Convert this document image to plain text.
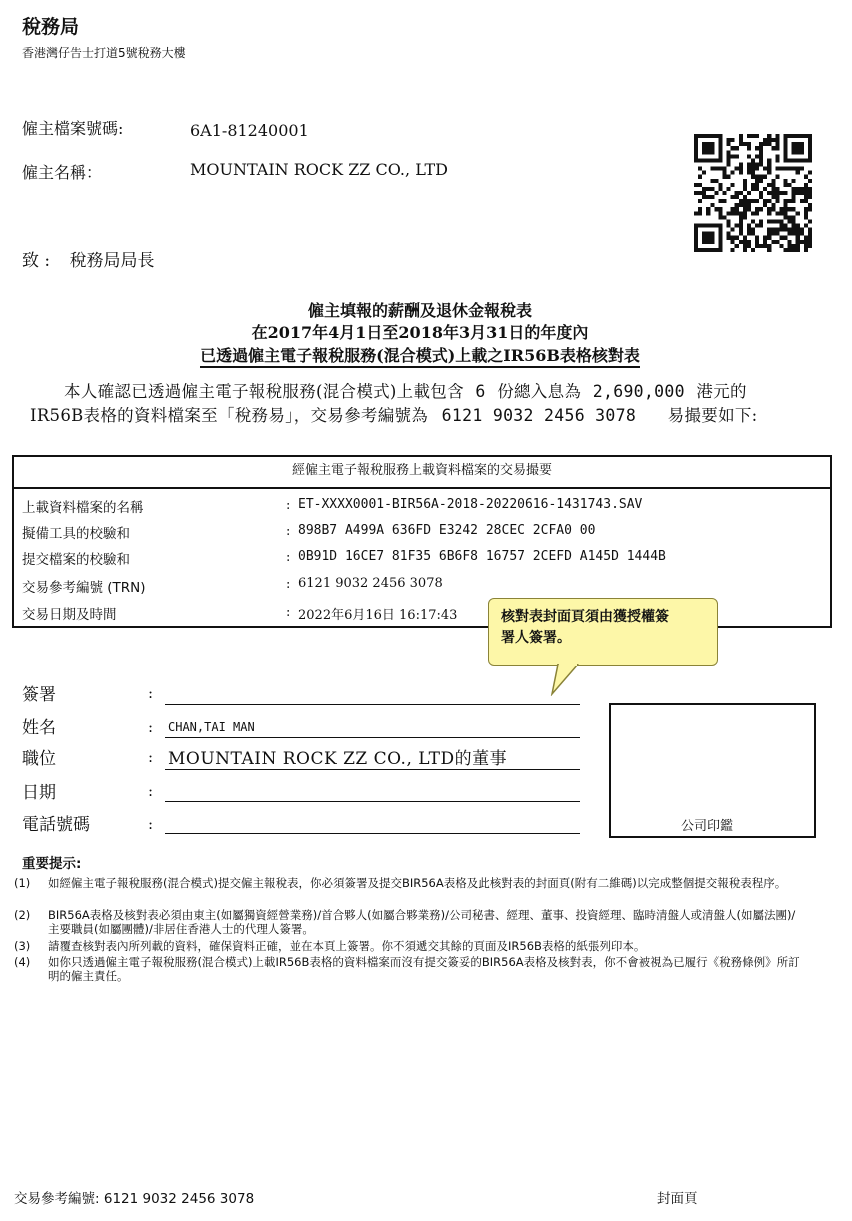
稅務局
香港灣仔告士打道5號稅務大樓
僱主檔案號碼:	6A1-81240001
僱主名稱：	MOUNTAIN ROCK ZZ CO., LTD
致 : 稅務局局長
僱主填報的薪酬及退休金報稅表
在2017年4月1日至2018年3月31日的年度內
已透過僱主電子報稅服務(混合模式)上載之IR56B表格核對表
本人確認已透過僱主電子報稅服務(混合模式)上載包含 6 份總入息為 2,690,000 港元的
IR56B表格的資料檔案至「稅務易」，交易參考編號為 6121 9032 2456 3078 易撮要如下:
經僱主電子報稅服務上載資料檔案的交易撮要
上載資料檔案的名稱	: ET-XXXX0001-BIR56A-2018-20220616-1431743.SAV
擬備工具的校驗和	: 898B7 A499A 636FD E3242 28CEC 2CFA0 00
提交檔案的校驗和	: 0B91D 16CE7 81F35 6B6F8 16757 2CEFD A145D 1444B
交易參考編號 (TRN)	: 6121 9032 2456 3078
交易日期及時間	: 2022年6月16日 16:17:43	核對表封面頁須由獲授權簽
署人簽署。
簽署	:
姓名	: CHAN,TAI MAN
職位	: MOUNTAIN ROCK ZZ CO., LTD的董事
日期	:
電話號碼	:	公司印鑑
重要提示:
(1) 如經僱主電子報稅服務(混合模式)提交僱主報稅表，你必須簽署及提交BIR56A表格及此核對表的封面頁(附有二維碼)以完成整個提交報稅表程序。
(2) BIR56A表格及核對表必須由東主(如屬獨資經營業務)/首合夥人(如屬合夥業務)/公司秘書、經理、董事、投資經理、臨時清盤人或清盤人(如屬法團)/主要職員(如屬團體)/非居住香港人士的代理人簽署。
(3) 請覆查核對表內所列載的資料，確保資料正確，並在本頁上簽署。你不須遞交其餘的頁面及IR56B表格的紙張列印本。
(4) 如你只透過僱主電子報稅服務(混合模式)上載IR56B表格的資料檔案而沒有提交簽妥的BIR56A表格及核對表，你不會被視為已履行《稅務條例》所訂明的僱主責任。
交易參考編號: 6121 9032 2456 3078	封面頁
